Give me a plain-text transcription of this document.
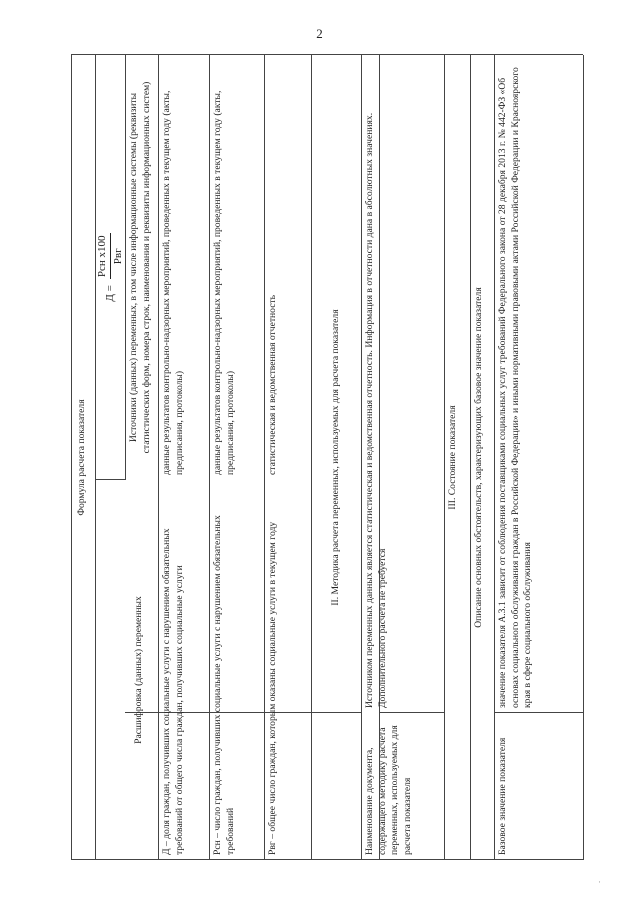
2
Формула расчета показателя
Д =
Рсн х100 Рвг
Расшифровка (данных) переменных
Источники (данных) переменных, в том числе информационные системы (реквизиты статистических форм, номера строк, наименования и реквизиты информационных систем)
Д – доля граждан, получивших социальные услуги с нарушением обязательных требований от общего числа граждан, получивших социальные услуги
данные результатов контрольно-надзорных мероприятий, проведенных в текущем году (акты, предписания, протоколы)
Рсн – число граждан, получивших социальные услуги с нарушением обязательных требований
данные результатов контрольно-надзорных мероприятий, проведенных в текущем году (акты, предписания, протоколы)
Рвг – общее число граждан, которым оказаны социальные услуги в текущем году
статистическая и ведомственная отчетность	II. Методика расчета переменных, используемых для расчета показателя
Наименование документа, содержащего методику расчета переменных, используемых для расчета показателя
Источником переменных данных является статистическая и ведомственная отчетность. Информация в отчетности дана в абсолютных значениях. Дополнительного расчета не требуется
III. Состояние показателя	Описание основных обстоятельств, характеризующих базовое значение показателя
Базовое значение показателя
значение показателя А.3.1 зависит от соблюдения поставщиками социальных услуг требований Федерального закона от 28 декабря 2013 г. № 442-ФЗ «Об основах социального обслуживания граждан в Российской Федерации» и иными нормативными правовыми актами Российской Федерации и Красноярского края в сфере социального обслуживания
·
